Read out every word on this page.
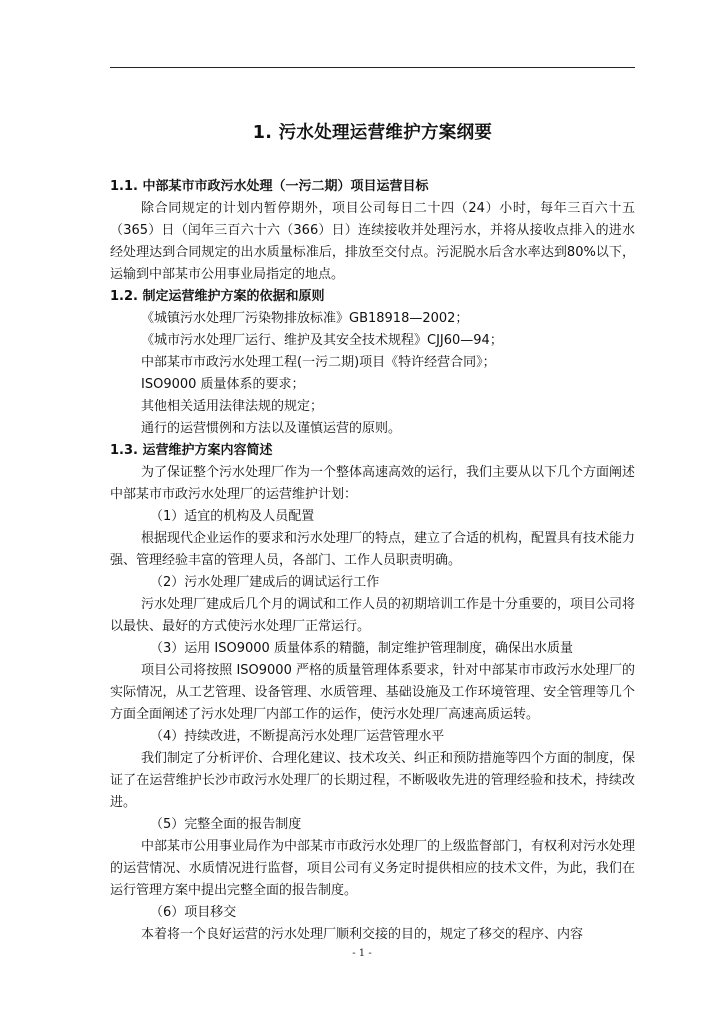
1. 污水处理运营维护方案纲要
1.1. 中部某市市政污水处理（一污二期）项目运营目标

除合同规定的计划内暂停期外，项目公司每日二十四（24）小时，每年三百六十五（365）日（闰年三百六十六（366）日）连续接收并处理污水，并将从接收点排入的进水经处理达到合同规定的出水质量标准后，排放至交付点。污泥脱水后含水率达到80%以下，运输到中部某市公用事业局指定的地点。

1.2. 制定运营维护方案的依据和原则

《城镇污水处理厂污染物排放标准》GB18918—2002；

《城市污水处理厂运行、维护及其安全技术规程》CJJ60—94；

中部某市市政污水处理工程(一污二期)项目《特许经营合同》；

ISO9000 质量体系的要求；

其他相关适用法律法规的规定；

通行的运营惯例和方法以及谨慎运营的原则。

1.3. 运营维护方案内容简述

为了保证整个污水处理厂作为一个整体高速高效的运行，我们主要从以下几个方面阐述中部某市市政污水处理厂的运营维护计划：

（1）适宜的机构及人员配置

根据现代企业运作的要求和污水处理厂的特点，建立了合适的机构，配置具有技术能力强、管理经验丰富的管理人员，各部门、工作人员职责明确。

（2）污水处理厂建成后的调试运行工作

污水处理厂建成后几个月的调试和工作人员的初期培训工作是十分重要的，项目公司将以最快、最好的方式使污水处理厂正常运行。

（3）运用 ISO9000 质量体系的精髓，制定维护管理制度，确保出水质量

项目公司将按照 ISO9000 严格的质量管理体系要求，针对中部某市市政污水处理厂的实际情况，从工艺管理、设备管理、水质管理、基础设施及工作环境管理、安全管理等几个方面全面阐述了污水处理厂内部工作的运作，使污水处理厂高速高质运转。

（4）持续改进，不断提高污水处理厂运营管理水平

我们制定了分析评价、合理化建议、技术攻关、纠正和预防措施等四个方面的制度，保证了在运营维护长沙市政污水处理厂的长期过程，不断吸收先进的管理经验和技术，持续改进。

（5）完整全面的报告制度

中部某市公用事业局作为中部某市市政污水处理厂的上级监督部门，有权利对污水处理的运营情况、水质情况进行监督，项目公司有义务定时提供相应的技术文件，为此，我们在运行管理方案中提出完整全面的报告制度。

（6）项目移交

本着将一个良好运营的污水处理厂顺利交接的目的，规定了移交的程序、内容

- 1 -
